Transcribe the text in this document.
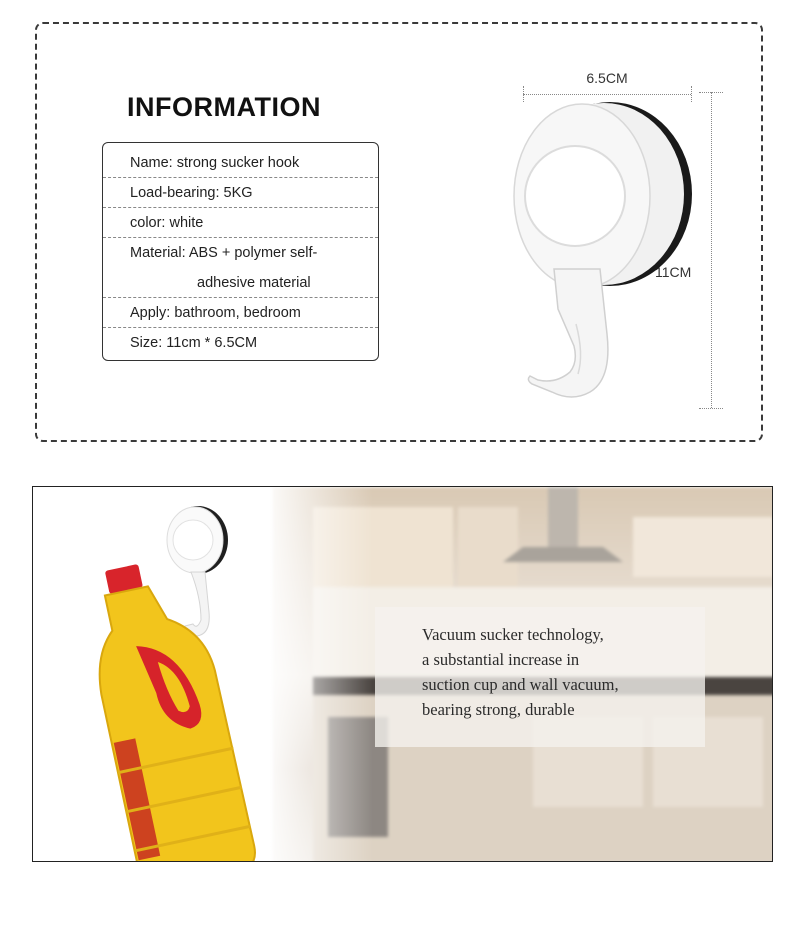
INFORMATION
Name: strong sucker hook
Load-bearing: 5KG
color: white
Material: ABS + polymer self-
adhesive material
Apply: bathroom, bedroom
Size: 11cm * 6.5CM
6.5CM
11CM
Vacuum sucker technology,
a substantial increase in
suction cup and wall vacuum,
bearing strong, durable
